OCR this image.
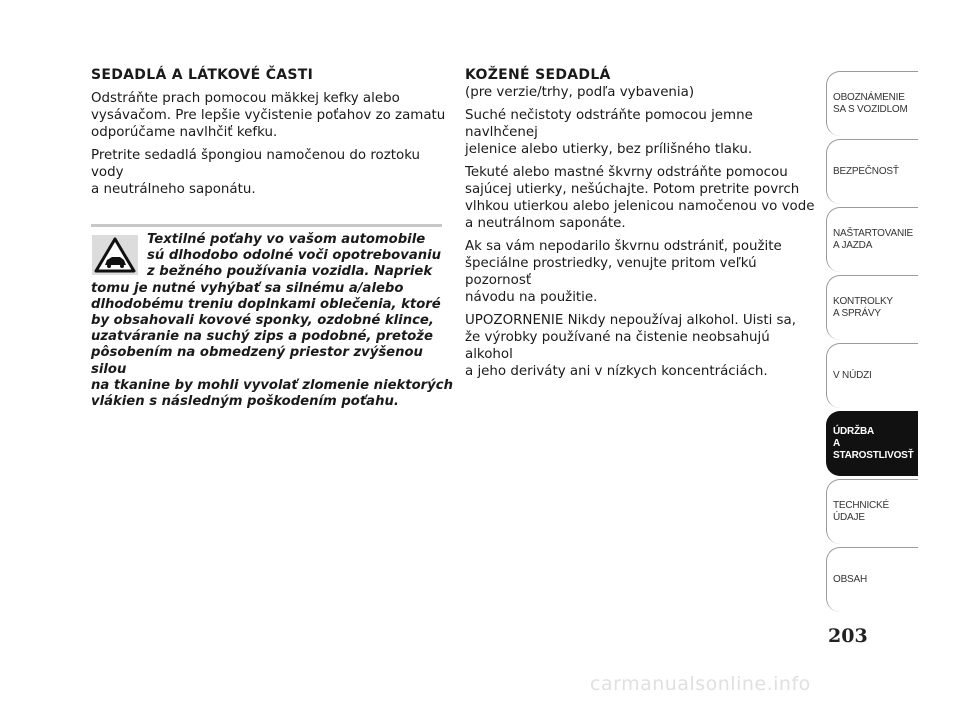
SEDADLÁ A LÁTKOVÉ ČASTI

Odstráňte prach pomocou mäkkej kefky alebo
vysávačom. Pre lepšie vyčistenie poťahov zo zamatu
odporúčame navlhčiť kefku.

Pretrite sedadlá špongiou namočenou do roztoku vody
a neutrálneho saponátu.

Textilné poťahy vo vašom automobile
sú dlhodobo odolné voči opotrebovaniu
z bežného používania vozidla. Napriek
tomu je nutné vyhýbať sa silnému a/alebo
dlhodobému treniu doplnkami oblečenia, ktoré
by obsahovali kovové sponky, ozdobné klince,
uzatváranie na suchý zips a podobné, pretože
pôsobením na obmedzený priestor zvýšenou silou
na tkanine by mohli vyvolať zlomenie niektorých
vlákien s následným poškodením poťahu.

KOŽENÉ SEDADLÁ

(pre verzie/trhy, podľa vybavenia)

Suché nečistoty odstráňte pomocou jemne navlhčenej
jelenice alebo utierky, bez prílišného tlaku.

Tekuté alebo mastné škvrny odstráňte pomocou
sajúcej utierky, nešúchajte. Potom pretrite povrch
vlhkou utierkou alebo jelenicou namočenou vo vode
a neutrálnom saponáte.

Ak sa vám nepodarilo škvrnu odstrániť, použite
špeciálne prostriedky, venujte pritom veľkú pozornosť
návodu na použitie.

UPOZORNENIE Nikdy nepoužívaj alkohol. Uisti sa,
že výrobky používané na čistenie neobsahujú alkohol
a jeho deriváty ani v nízkych koncentráciách.

OBOZNÁMENIE
SA S VOZIDLOM
BEZPEČNOSŤ
NAŠTARTOVANIE
A JAZDA
KONTROLKY
A SPRÁVY
V NÚDZI
ÚDRŽBA
A STAROSTLIVOSŤ
TECHNICKÉ
ÚDAJE
OBSAH
203
carmanualsonline.info
